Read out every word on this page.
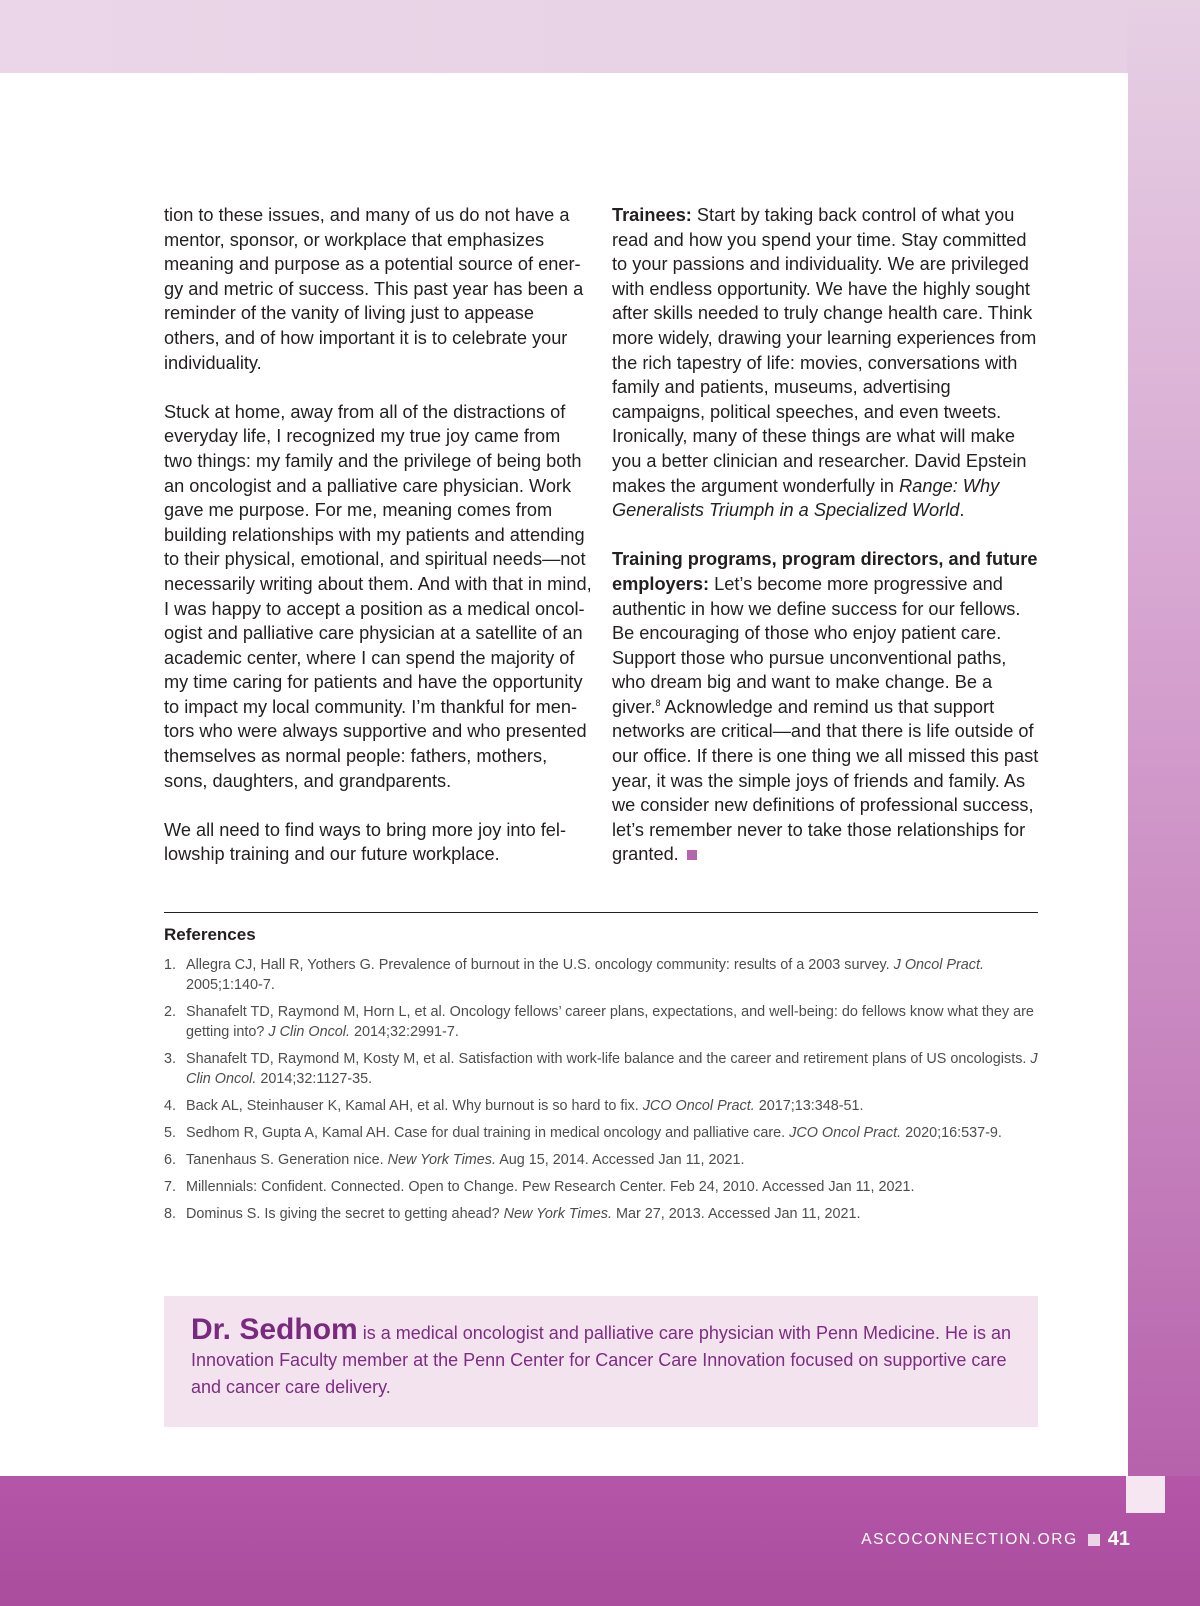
tion to these issues, and many of us do not have a mentor, sponsor, or workplace that emphasizes meaning and purpose as a potential source of energy and metric of success. This past year has been a reminder of the vanity of living just to appease others, and of how important it is to celebrate your individuality.

Stuck at home, away from all of the distractions of everyday life, I recognized my true joy came from two things: my family and the privilege of being both an oncologist and a palliative care physician. Work gave me purpose. For me, meaning comes from building relationships with my patients and attending to their physical, emotional, and spiritual needs—not necessarily writing about them. And with that in mind, I was happy to accept a position as a medical oncologist and palliative care physician at a satellite of an academic center, where I can spend the majority of my time caring for patients and have the opportunity to impact my local community. I’m thankful for mentors who were always supportive and who presented themselves as normal people: fathers, mothers, sons, daughters, and grandparents.

We all need to find ways to bring more joy into fellowship training and our future workplace.

Trainees: Start by taking back control of what you read and how you spend your time. Stay committed to your passions and individuality. We are privileged with endless opportunity. We have the highly sought after skills needed to truly change health care. Think more widely, drawing your learning experiences from the rich tapestry of life: movies, conversations with family and patients, museums, advertising campaigns, political speeches, and even tweets. Ironically, many of these things are what will make you a better clinician and researcher. David Epstein makes the argument wonderfully in Range: Why Generalists Triumph in a Specialized World.

Training programs, program directors, and future employers: Let’s become more progressive and authentic in how we define success for our fellows. Be encouraging of those who enjoy patient care. Support those who pursue unconventional paths, who dream big and want to make change. Be a giver.$^8$ Acknowledge and remind us that support networks are critical—and that there is life outside of our office. If there is one thing we all missed this past year, it was the simple joys of friends and family. As we consider new definitions of professional success, let’s remember never to take those relationships for granted.

References
1. Allegra CJ, Hall R, Yothers G. Prevalence of burnout in the U.S. oncology community: results of a 2003 survey. J Oncol Pract. 2005;1:140-7.
2. Shanafelt TD, Raymond M, Horn L, et al. Oncology fellows’ career plans, expectations, and well-being: do fellows know what they are getting into? J Clin Oncol. 2014;32:2991-7.
3. Shanafelt TD, Raymond M, Kosty M, et al. Satisfaction with work-life balance and the career and retirement plans of US oncologists. J Clin Oncol. 2014;32:1127-35.
4. Back AL, Steinhauser K, Kamal AH, et al. Why burnout is so hard to fix. JCO Oncol Pract. 2017;13:348-51.
5. Sedhom R, Gupta A, Kamal AH. Case for dual training in medical oncology and palliative care. JCO Oncol Pract. 2020;16:537-9.
6. Tanenhaus S. Generation nice. New York Times. Aug 15, 2014. Accessed Jan 11, 2021.
7. Millennials: Confident. Connected. Open to Change. Pew Research Center. Feb 24, 2010. Accessed Jan 11, 2021.
8. Dominus S. Is giving the secret to getting ahead? New York Times. Mar 27, 2013. Accessed Jan 11, 2021.
Dr. Sedhom is a medical oncologist and palliative care physician with Penn Medicine. He is an Innovation Faculty member at the Penn Center for Cancer Care Innovation focused on supportive care and cancer care delivery.
ASCOCONNECTION.ORG 41
